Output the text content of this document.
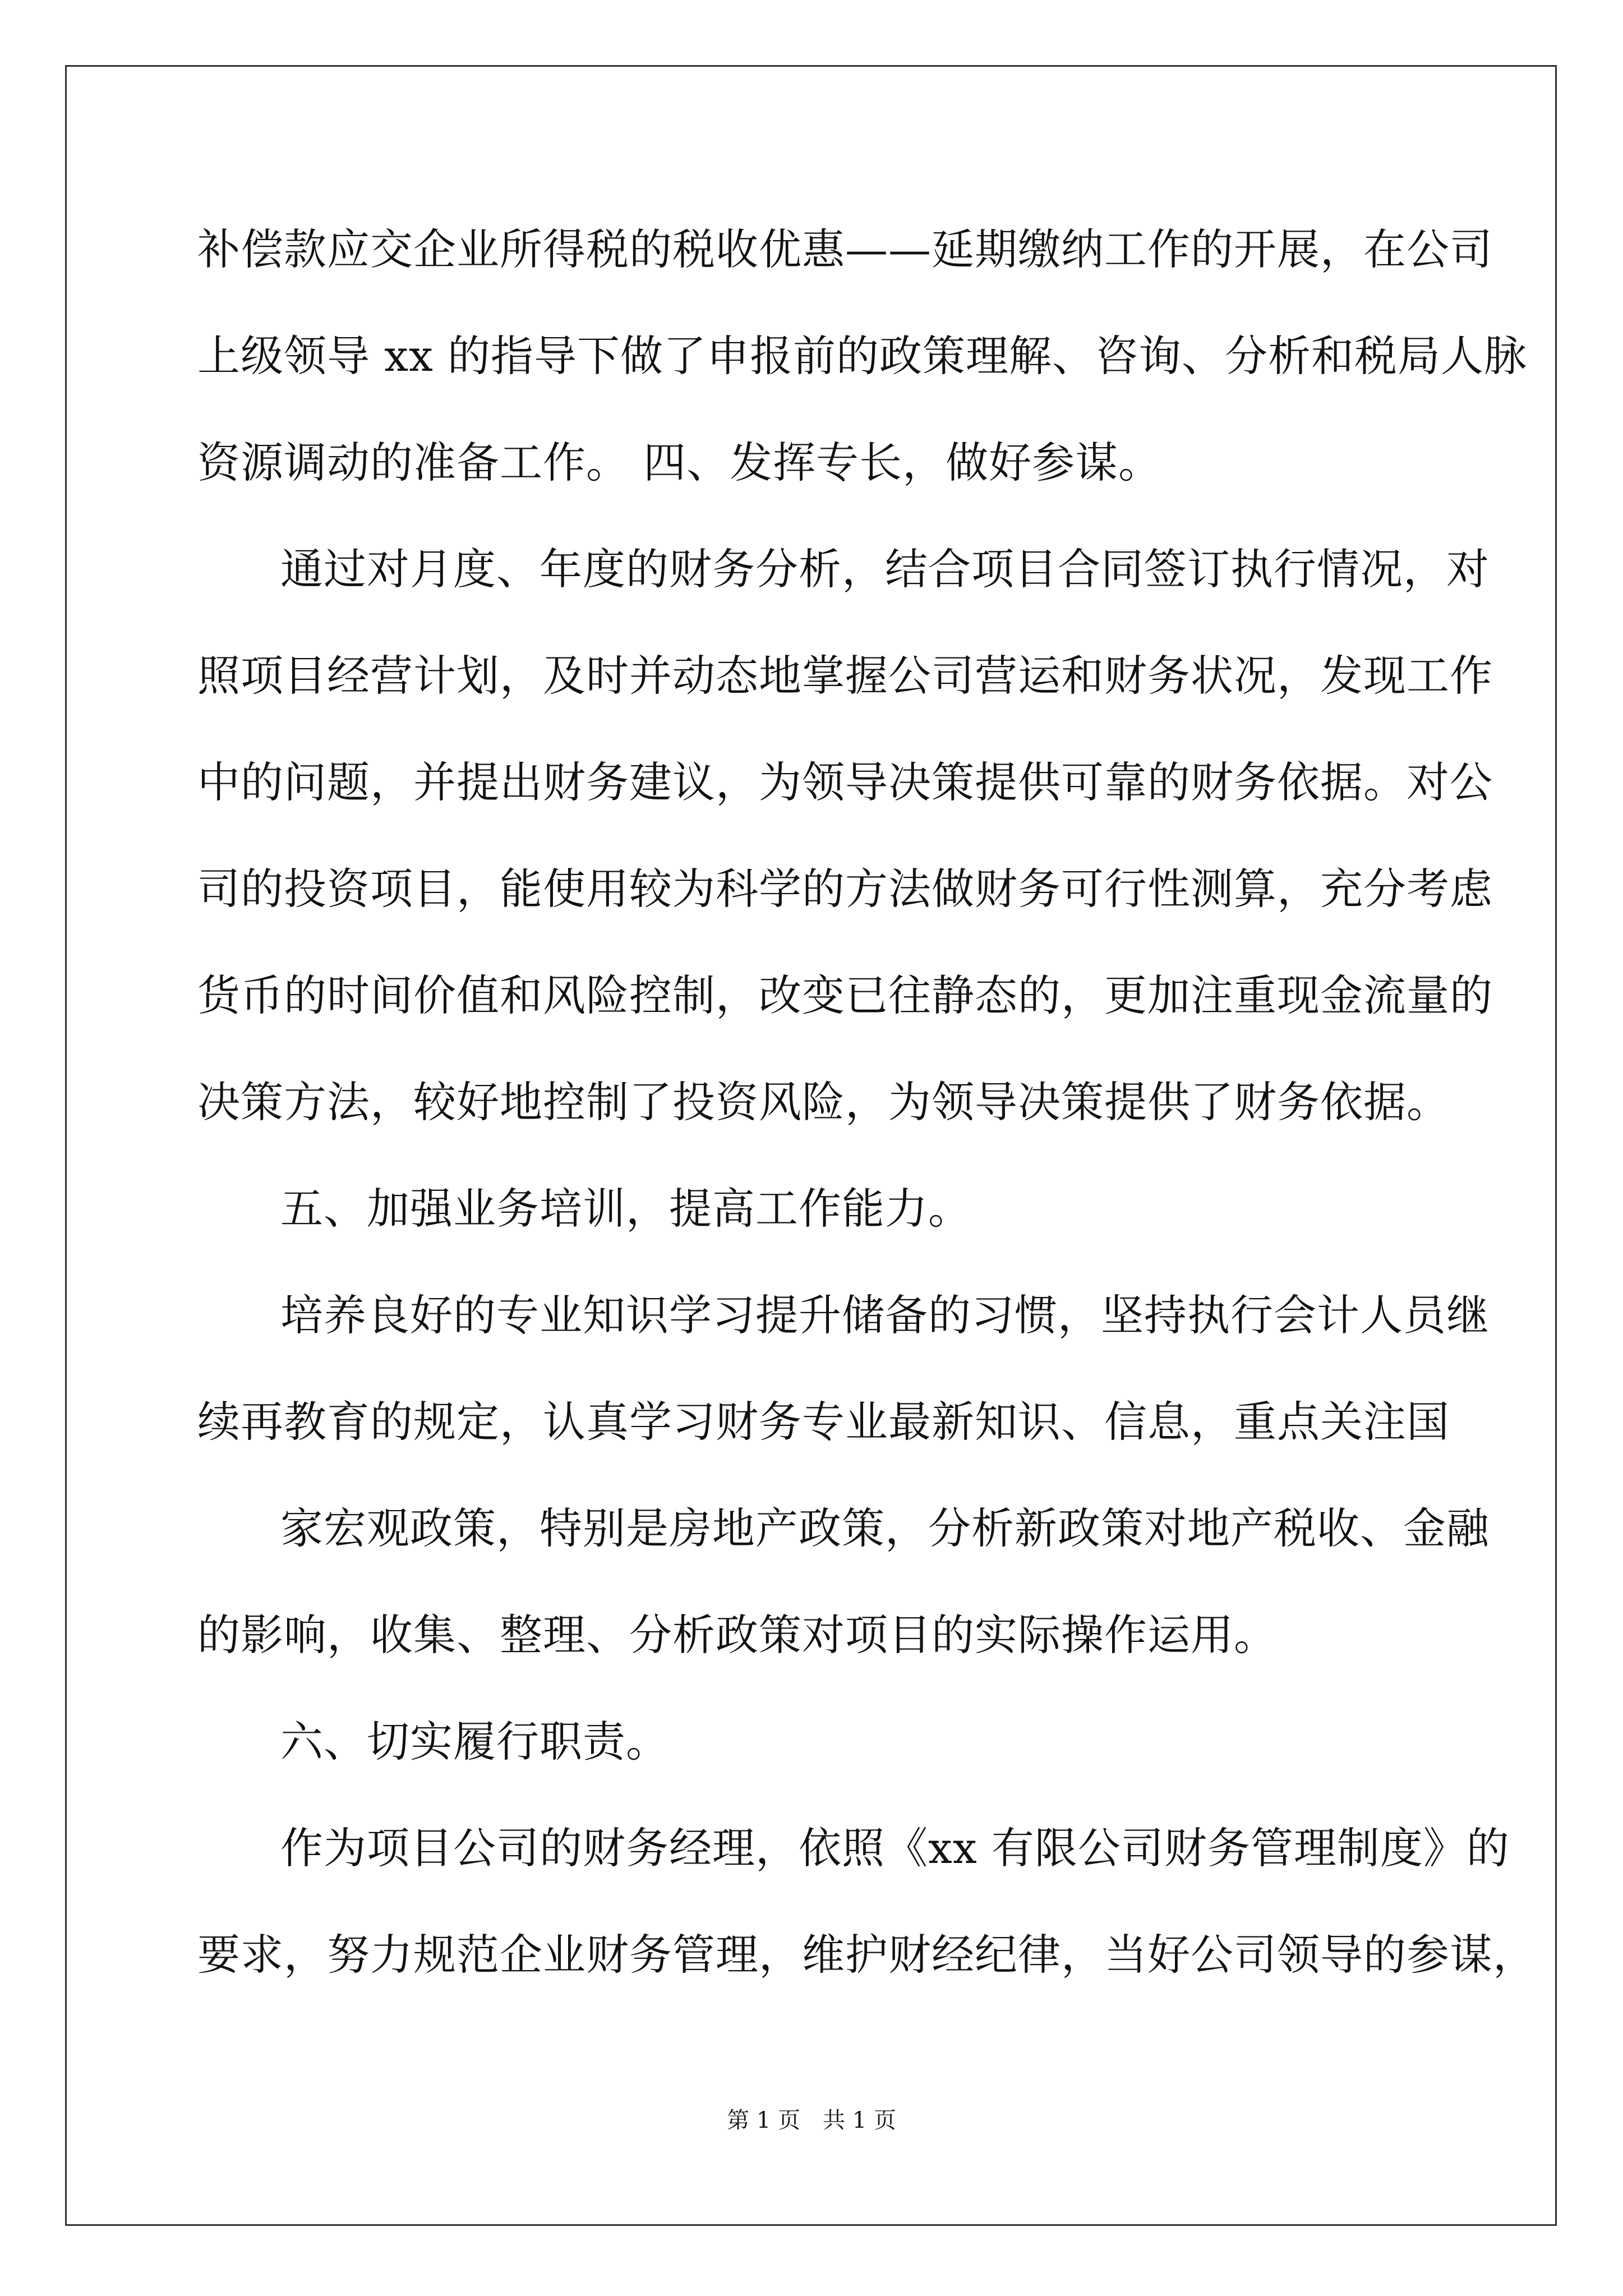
补偿款应交企业所得税的税收优惠——延期缴纳工作的开展，在公司
上级领导 xx 的指导下做了申报前的政策理解、咨询、分析和税局人脉
资源调动的准备工作。 四、发挥专长，做好参谋。
通过对月度、年度的财务分析，结合项目合同签订执行情况，对
照项目经营计划，及时并动态地掌握公司营运和财务状况，发现工作
中的问题，并提出财务建议，为领导决策提供可靠的财务依据。对公
司的投资项目，能使用较为科学的方法做财务可行性测算，充分考虑
货币的时间价值和风险控制，改变已往静态的，更加注重现金流量的
决策方法，较好地控制了投资风险，为领导决策提供了财务依据。
五、加强业务培训，提高工作能力。
培养良好的专业知识学习提升储备的习惯，坚持执行会计人员继
续再教育的规定，认真学习财务专业最新知识、信息，重点关注国
家宏观政策，特别是房地产政策，分析新政策对地产税收、金融
的影响，收集、整理、分析政策对项目的实际操作运用。
六、切实履行职责。
作为项目公司的财务经理，依照《xx 有限公司财务管理制度》的
要求，努力规范企业财务管理，维护财经纪律，当好公司领导的参谋，
第 1 页　共 1 页
